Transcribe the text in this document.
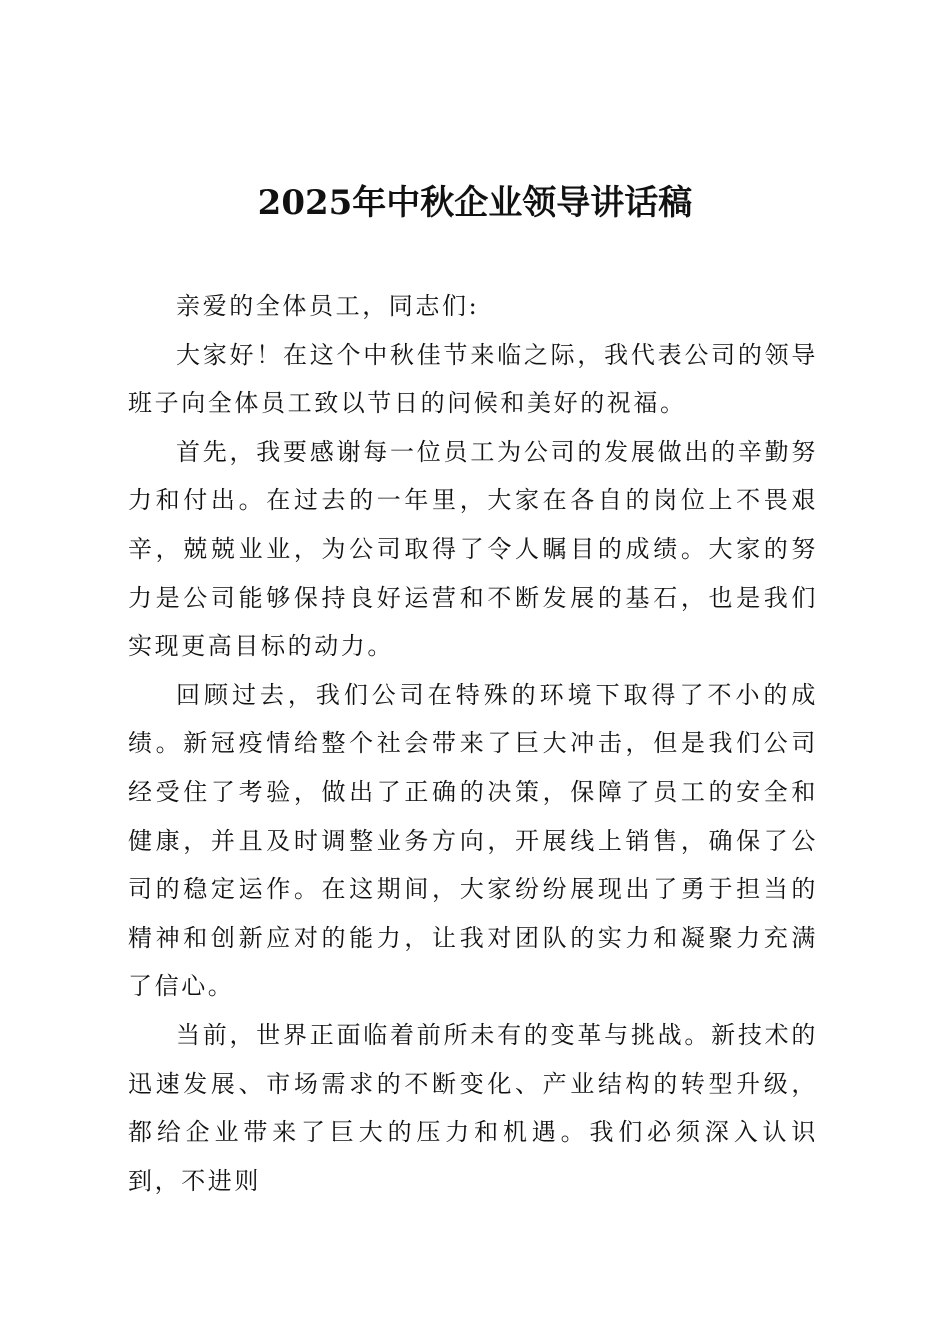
2025年中秋企业领导讲话稿

亲爱的全体员工，同志们:

大家好！在这个中秋佳节来临之际，我代表公司的领导班子向全体员工致以节日的问候和美好的祝福。

首先，我要感谢每一位员工为公司的发展做出的辛勤努力和付出。在过去的一年里，大家在各自的岗位上不畏艰辛，兢兢业业，为公司取得了令人瞩目的成绩。大家的努力是公司能够保持良好运营和不断发展的基石，也是我们实现更高目标的动力。

回顾过去，我们公司在特殊的环境下取得了不小的成绩。新冠疫情给整个社会带来了巨大冲击，但是我们公司经受住了考验，做出了正确的决策，保障了员工的安全和健康，并且及时调整业务方向，开展线上销售，确保了公司的稳定运作。在这期间，大家纷纷展现出了勇于担当的精神和创新应对的能力，让我对团队的实力和凝聚力充满了信心。

当前，世界正面临着前所未有的变革与挑战。新技术的迅速发展、市场需求的不断变化、产业结构的转型升级，都给企业带来了巨大的压力和机遇。我们必须深入认识到，不进则
